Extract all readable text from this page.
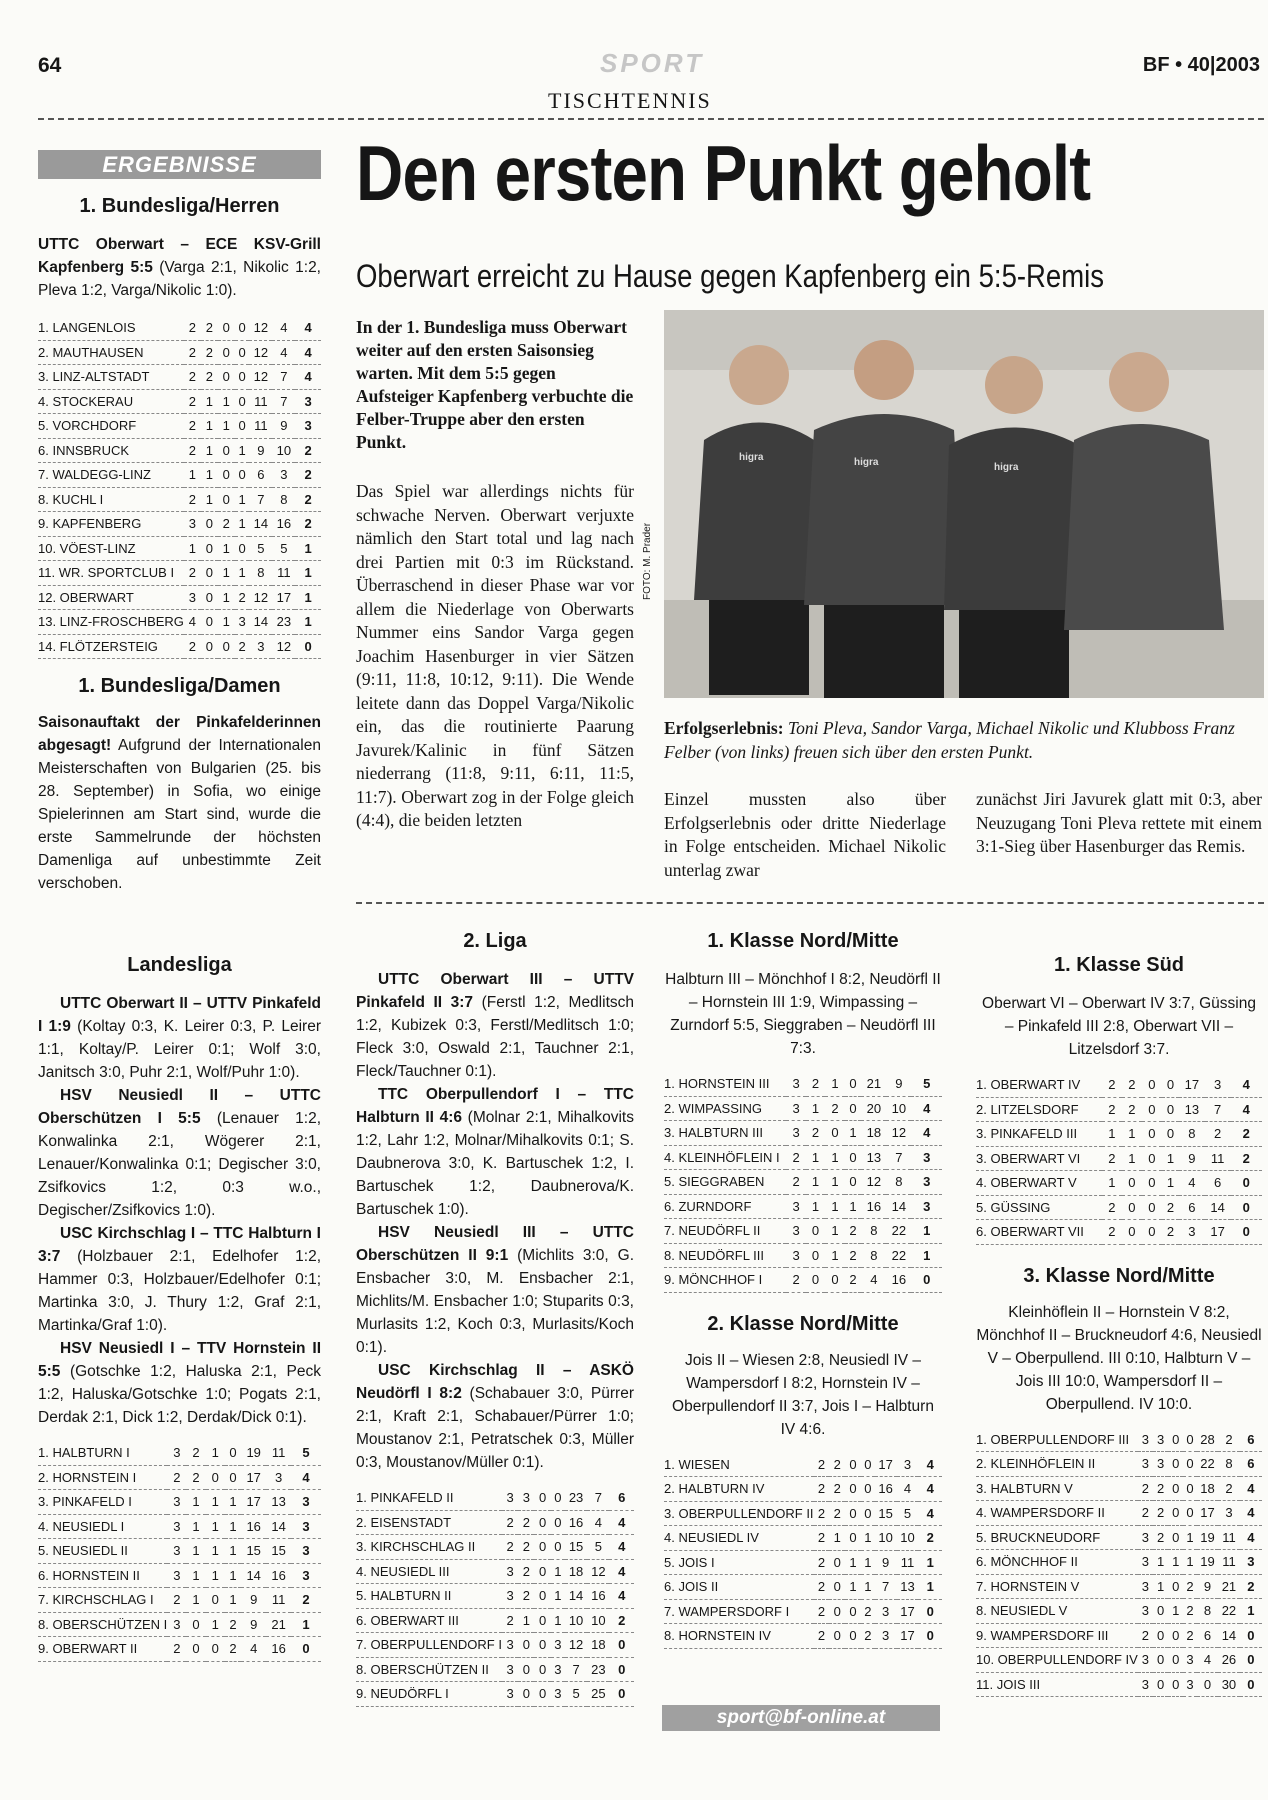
64	SPORT	BF • 40|2003
TISCHTENNIS
ERGEBNISSE	Den ersten Punkt geholt
Oberwart erreicht zu Hause gegen Kapfenberg ein 5:5-Remis
1. Bundesliga/Herren

UTTC Oberwart – ECE KSV-Grill Kapfenberg 5:5 (Varga 2:1, Nikolic 1:2, Pleva 1:2, Varga/Nikolic 1:0).

1. LANGENLOIS	2	2	0	0	12	4	4
2. MAUTHAUSEN	2	2	0	0	12	4	4
3. LINZ-ALTSTADT	2	2	0	0	12	7	4
4. STOCKERAU	2	1	1	0	11	7	3
5. VORCHDORF	2	1	1	0	11	9	3
6. INNSBRUCK	2	1	0	1	9	10	2
7. WALDEGG-LINZ	1	1	0	0	6	3	2
8. KUCHL I	2	1	0	1	7	8	2
9. KAPFENBERG	3	0	2	1	14	16	2
10. VÖEST-LINZ	1	0	1	0	5	5	1
11. WR. SPORTCLUB I	2	0	1	1	8	11	1
12. OBERWART	3	0	1	2	12	17	1
13. LINZ-FROSCHBERG	4	0	1	3	14	23	1
14. FLÖTZERSTEIG	2	0	0	2	3	12	0
1. Bundesliga/Damen

Saisonauftakt der Pinkafelderinnen abgesagt! Aufgrund der Internationalen Meisterschaften von Bulgarien (25. bis 28. September) in Sofia, wo einige Spielerinnen am Start sind, wurde die erste Sammelrunde der höchsten Damenliga auf unbestimmte Zeit verschoben.

In der 1. Bundesliga muss Oberwart weiter auf den ersten Saisonsieg warten. Mit dem 5:5 gegen Aufsteiger Kapfenberg verbuchte die Felber-Truppe aber den ersten Punkt.
Das Spiel war allerdings nichts für schwache Nerven. Oberwart verjuxte nämlich den Start total und lag nach drei Partien mit 0:3 im Rückstand. Überraschend in dieser Phase war vor allem die Niederlage von Oberwarts Nummer eins Sandor Varga gegen Joachim Hasenburger in vier Sätzen (9:11, 11:8, 10:12, 9:11). Die Wende leitete dann das Doppel Varga/Nikolic ein, das die routinierte Paarung Javurek/Kalinic in fünf Sätzen niederrang (11:8, 9:11, 6:11, 11:5, 11:7). Oberwart zog in der Folge gleich (4:4), die beiden letzten
higra	higra	higra
FOTO: M. Prader
Erfolgserlebnis: Toni Pleva, Sandor Varga, Michael Nikolic und Klubboss Franz Felber (von links) freuen sich über den ersten Punkt.
Einzel mussten also über Erfolgserlebnis oder dritte Niederlage in Folge entscheiden. Michael Nikolic unterlag zwar
zunächst Jiri Javurek glatt mit 0:3, aber Neuzugang Toni Pleva rettete mit einem 3:1-Sieg über Hasenburger das Remis.
Landesliga

UTTC Oberwart II – UTTV Pinkafeld I 1:9 (Koltay 0:3, K. Leirer 0:3, P. Leirer 1:1, Koltay/P. Leirer 0:1; Wolf 3:0, Janitsch 3:0, Puhr 2:1, Wolf/Puhr 1:0).

HSV Neusiedl II – UTTC Oberschützen I 5:5 (Lenauer 1:2, Konwalinka 2:1, Wögerer 2:1, Lenauer/Konwalinka 0:1; Degischer 3:0, Zsifkovics 1:2, 0:3 w.o., Degischer/Zsifkovics 1:0).

USC Kirchschlag I – TTC Halbturn I 3:7 (Holzbauer 2:1, Edelhofer 1:2, Hammer 0:3, Holzbauer/Edelhofer 0:1; Martinka 3:0, J. Thury 1:2, Graf 2:1, Martinka/Graf 1:0).

HSV Neusiedl I – TTV Hornstein II 5:5 (Gotschke 1:2, Haluska 2:1, Peck 1:2, Haluska/Gotschke 1:0; Pogats 2:1, Derdak 2:1, Dick 1:2, Derdak/Dick 0:1).

1. HALBTURN I	3	2	1	0	19	11	5
2. HORNSTEIN I	2	2	0	0	17	3	4
3. PINKAFELD I	3	1	1	1	17	13	3
4. NEUSIEDL I	3	1	1	1	16	14	3
5. NEUSIEDL II	3	1	1	1	15	15	3
6. HORNSTEIN II	3	1	1	1	14	16	3
7. KIRCHSCHLAG I	2	1	0	1	9	11	2
8. OBERSCHÜTZEN I	3	0	1	2	9	21	1
9. OBERWART II	2	0	0	2	4	16	0
2. Liga

UTTC Oberwart III – UTTV Pinkafeld II 3:7 (Ferstl 1:2, Medlitsch 1:2, Kubizek 0:3, Ferstl/Medlitsch 1:0; Fleck 3:0, Oswald 2:1, Tauchner 2:1, Fleck/Tauchner 0:1).

TTC Oberpullendorf I – TTC Halbturn II 4:6 (Molnar 2:1, Mihalkovits 1:2, Lahr 1:2, Molnar/Mihalkovits 0:1; S. Daubnerova 3:0, K. Bartuschek 1:2, I. Bartuschek 1:2, Daubnerova/K. Bartuschek 1:0).

HSV Neusiedl III – UTTC Oberschützen II 9:1 (Michlits 3:0, G. Ensbacher 3:0, M. Ensbacher 2:1, Michlits/M. Ensbacher 1:0; Stuparits 0:3, Murlasits 1:2, Koch 0:3, Murlasits/Koch 0:1).

USC Kirchschlag II – ASKÖ Neudörfl I 8:2 (Schabauer 3:0, Pürrer 2:1, Kraft 2:1, Schabauer/Pürrer 1:0; Moustanov 2:1, Petratschek 0:3, Müller 0:3, Moustanov/Müller 0:1).

1. PINKAFELD II	3	3	0	0	23	7	6
2. EISENSTADT	2	2	0	0	16	4	4
3. KIRCHSCHLAG II	2	2	0	0	15	5	4
4. NEUSIEDL III	3	2	0	1	18	12	4
5. HALBTURN II	3	2	0	1	14	16	4
6. OBERWART III	2	1	0	1	10	10	2
7. OBERPULLENDORF I	3	0	0	3	12	18	0
8. OBERSCHÜTZEN II	3	0	0	3	7	23	0
9. NEUDÖRFL I	3	0	0	3	5	25	0
1. Klasse Nord/Mitte

Halbturn III – Mönchhof I 8:2, Neudörfl II – Hornstein III 1:9, Wimpassing – Zurndorf 5:5, Sieggraben – Neudörfl III 7:3.

1. HORNSTEIN III	3	2	1	0	21	9	5
2. WIMPASSING	3	1	2	0	20	10	4
3. HALBTURN III	3	2	0	1	18	12	4
4. KLEINHÖFLEIN I	2	1	1	0	13	7	3
5. SIEGGRABEN	2	1	1	0	12	8	3
6. ZURNDORF	3	1	1	1	16	14	3
7. NEUDÖRFL II	3	0	1	2	8	22	1
8. NEUDÖRFL III	3	0	1	2	8	22	1
9. MÖNCHHOF I	2	0	0	2	4	16	0
2. Klasse Nord/Mitte

Jois II – Wiesen 2:8, Neusiedl IV – Wampersdorf I 8:2, Hornstein IV – Oberpullendorf II 3:7, Jois I – Halbturn IV 4:6.

1. WIESEN	2	2	0	0	17	3	4
2. HALBTURN IV	2	2	0	0	16	4	4
3. OBERPULLENDORF II	2	2	0	0	15	5	4
4. NEUSIEDL IV	2	1	0	1	10	10	2
5. JOIS I	2	0	1	1	9	11	1
6. JOIS II	2	0	1	1	7	13	1
7. WAMPERSDORF I	2	0	0	2	3	17	0
8. HORNSTEIN IV	2	0	0	2	3	17	0
1. Klasse Süd

Oberwart VI – Oberwart IV 3:7, Güssing – Pinkafeld III 2:8, Oberwart VII – Litzelsdorf 3:7.

1. OBERWART IV	2	2	0	0	17	3	4
2. LITZELSDORF	2	2	0	0	13	7	4
3. PINKAFELD III	1	1	0	0	8	2	2
3. OBERWART VI	2	1	0	1	9	11	2
4. OBERWART V	1	0	0	1	4	6	0
5. GÜSSING	2	0	0	2	6	14	0
6. OBERWART VII	2	0	0	2	3	17	0
3. Klasse Nord/Mitte

Kleinhöflein II – Hornstein V 8:2, Mönchhof II – Bruckneudorf 4:6, Neusiedl V – Oberpullend. III 0:10, Halbturn V – Jois III 10:0, Wampersdorf II – Oberpullend. IV 10:0.

1. OBERPULLENDORF III	3	3	0	0	28	2	6
2. KLEINHÖFLEIN II	3	3	0	0	22	8	6
3. HALBTURN V	2	2	0	0	18	2	4
4. WAMPERSDORF II	2	2	0	0	17	3	4
5. BRUCKNEUDORF	3	2	0	1	19	11	4
6. MÖNCHHOF II	3	1	1	1	19	11	3
7. HORNSTEIN V	3	1	0	2	9	21	2
8. NEUSIEDL V	3	0	1	2	8	22	1
9. WAMPERSDORF III	2	0	0	2	6	14	0
10. OBERPULLENDORF IV	3	0	0	3	4	26	0
11. JOIS III	3	0	0	3	0	30	0
sport@bf-online.at
